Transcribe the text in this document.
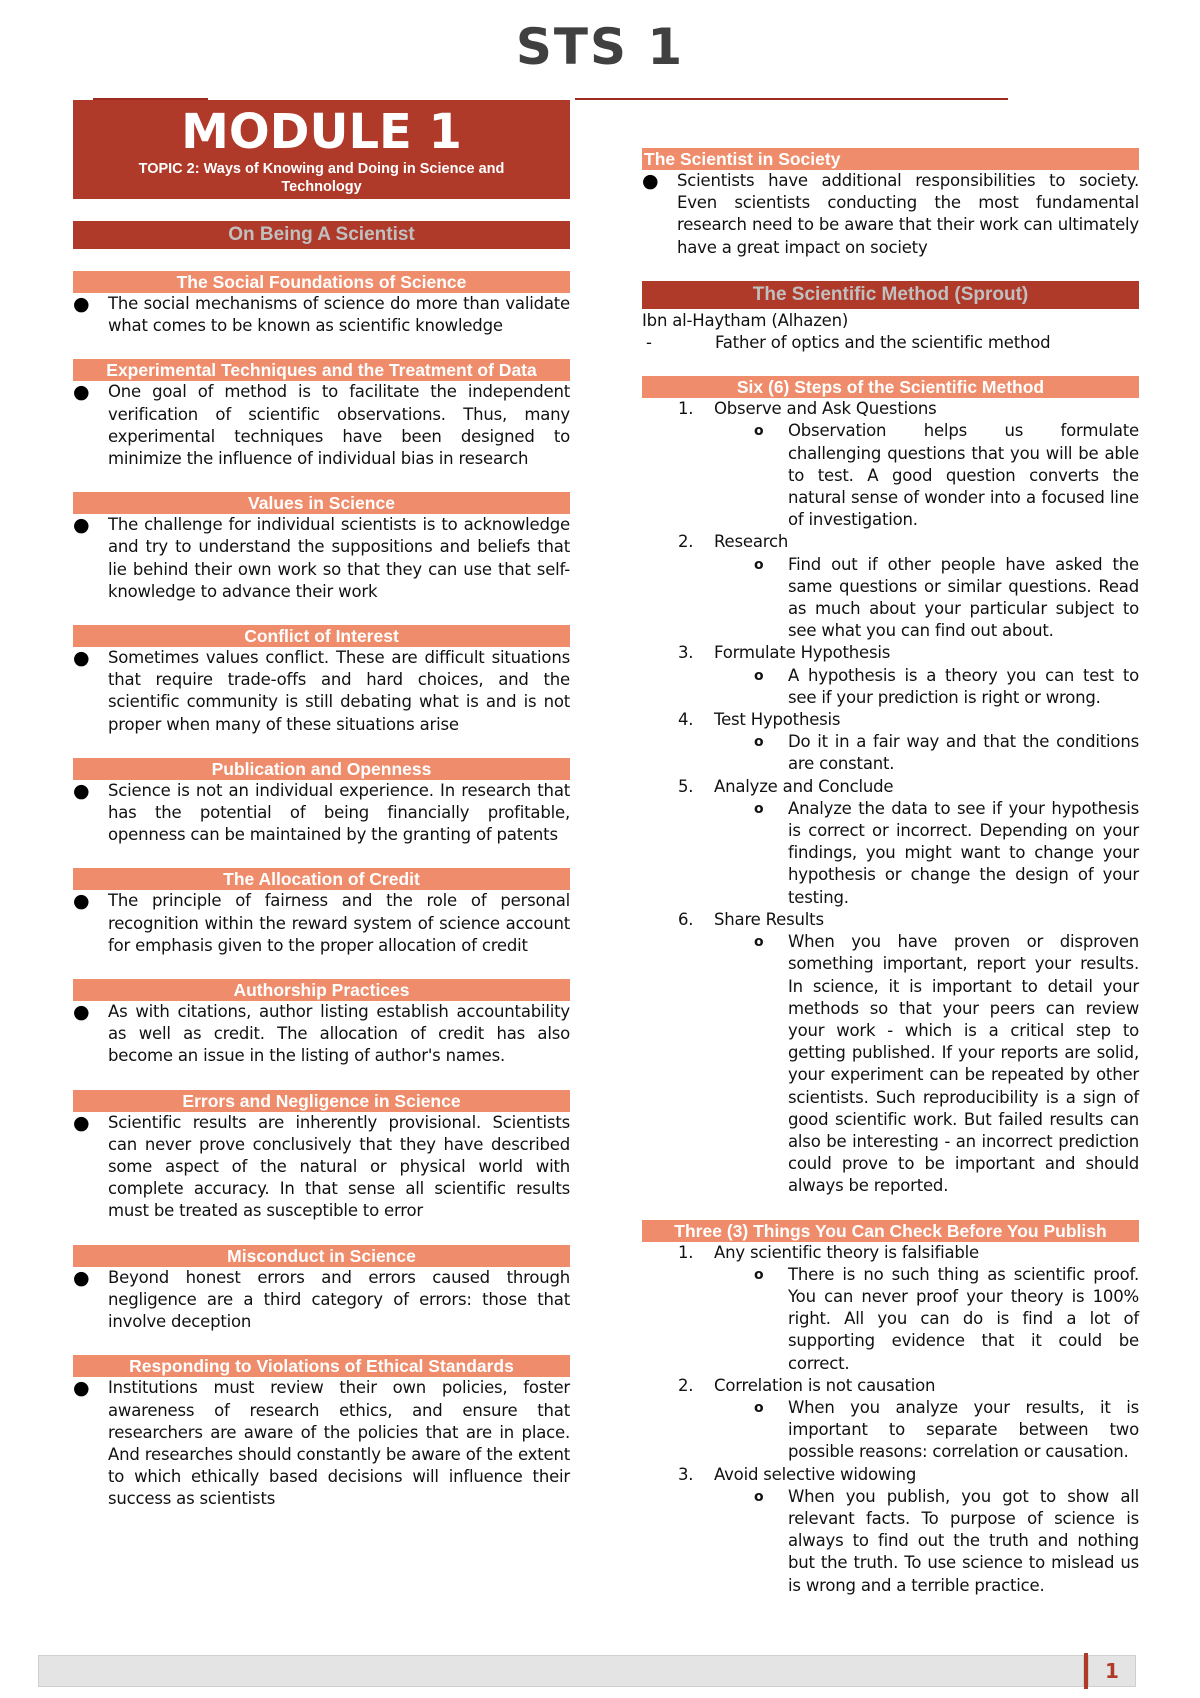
STS 1
MODULE 1
TOPIC 2: Ways of Knowing and Doing in Science and Technology
On Being A Scientist
The Social Foundations of Science
●	The social mechanisms of science do more than validate what comes to be known as scientific knowledge
Experimental Techniques and the Treatment of Data
●	One goal of method is to facilitate the independent verification of scientific observations. Thus, many experimental techniques have been designed to minimize the influence of individual bias in research
Values in Science
●	The challenge for individual scientists is to acknowledge and try to understand the suppositions and beliefs that lie behind their own work so that they can use that self-knowledge to advance their work
Conflict of Interest
●	Sometimes values conflict. These are difficult situations that require trade-offs and hard choices, and the scientific community is still debating what is and is not proper when many of these situations arise
Publication and Openness
●	Science is not an individual experience. In research that has the potential of being financially profitable, openness can be maintained by the granting of patents
The Allocation of Credit
●	The principle of fairness and the role of personal recognition within the reward system of science account for emphasis given to the proper allocation of credit
Authorship Practices
●	As with citations, author listing establish accountability as well as credit. The allocation of credit has also become an issue in the listing of author's names.
Errors and Negligence in Science
●	Scientific results are inherently provisional. Scientists can never prove conclusively that they have described some aspect of the natural or physical world with complete accuracy. In that sense all scientific results must be treated as susceptible to error
Misconduct in Science
●	Beyond honest errors and errors caused through negligence are a third category of errors: those that involve deception
Responding to Violations of Ethical Standards
●	Institutions must review their own policies, foster awareness of research ethics, and ensure that researchers are aware of the policies that are in place. And researches should constantly be aware of the extent to which ethically based decisions will influence their success as scientists
The Scientist in Society
●	Scientists have additional responsibilities to society. Even scientists conducting the most fundamental research need to be aware that their work can ultimately have a great impact on society
The Scientific Method (Sprout)
Ibn al-Haytham (Alhazen)
-	Father of optics and the scientific method
Six (6) Steps of the Scientific Method
1.	Observe and Ask Questions
o	Observation helps us formulate challenging questions that you will be able to test. A good question converts the natural sense of wonder into a focused line of investigation.
2.	Research
o	Find out if other people have asked the same questions or similar questions. Read as much about your particular subject to see what you can find out about.
3.	Formulate Hypothesis
o	A hypothesis is a theory you can test to see if your prediction is right or wrong.
4.	Test Hypothesis
o	Do it in a fair way and that the conditions are constant.
5.	Analyze and Conclude
o	Analyze the data to see if your hypothesis is correct or incorrect. Depending on your findings, you might want to change your hypothesis or change the design of your testing.
6.	Share Results
o	When you have proven or disproven something important, report your results. In science, it is important to detail your methods so that your peers can review your work - which is a critical step to getting published. If your reports are solid, your experiment can be repeated by other scientists. Such reproducibility is a sign of good scientific work. But failed results can also be interesting - an incorrect prediction could prove to be important and should always be reported.
Three (3) Things You Can Check Before You Publish
1.	Any scientific theory is falsifiable
o	There is no such thing as scientific proof. You can never proof your theory is 100% right. All you can do is find a lot of supporting evidence that it could be correct.
2.	Correlation is not causation
o	When you analyze your results, it is important to separate between two possible reasons: correlation or causation.
3.	Avoid selective widowing
o	When you publish, you got to show all relevant facts. To purpose of science is always to find out the truth and nothing but the truth. To use science to mislead us is wrong and a terrible practice.
1
